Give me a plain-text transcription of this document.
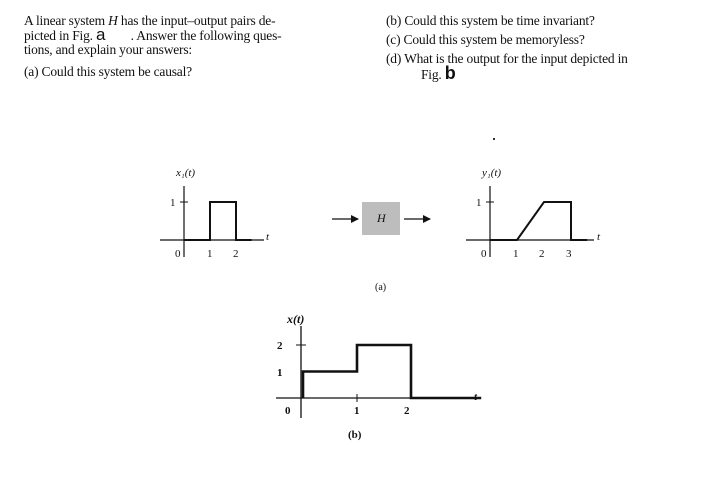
A linear system H has the input–output pairs de-
picted in Fig. a        . Answer the following ques-
tions, and explain your answers:
(a) Could this system be causal?
(b) Could this system be time invariant?
(c) Could this system be memoryless?
(d) What is the output for the input depicted in
Fig. b
x₁(t)
t
1
0 1 2
H
y₁(t)
t
1
0 1 2 3
(a)
x(t)
t
1
2
0	1	2
(b)
